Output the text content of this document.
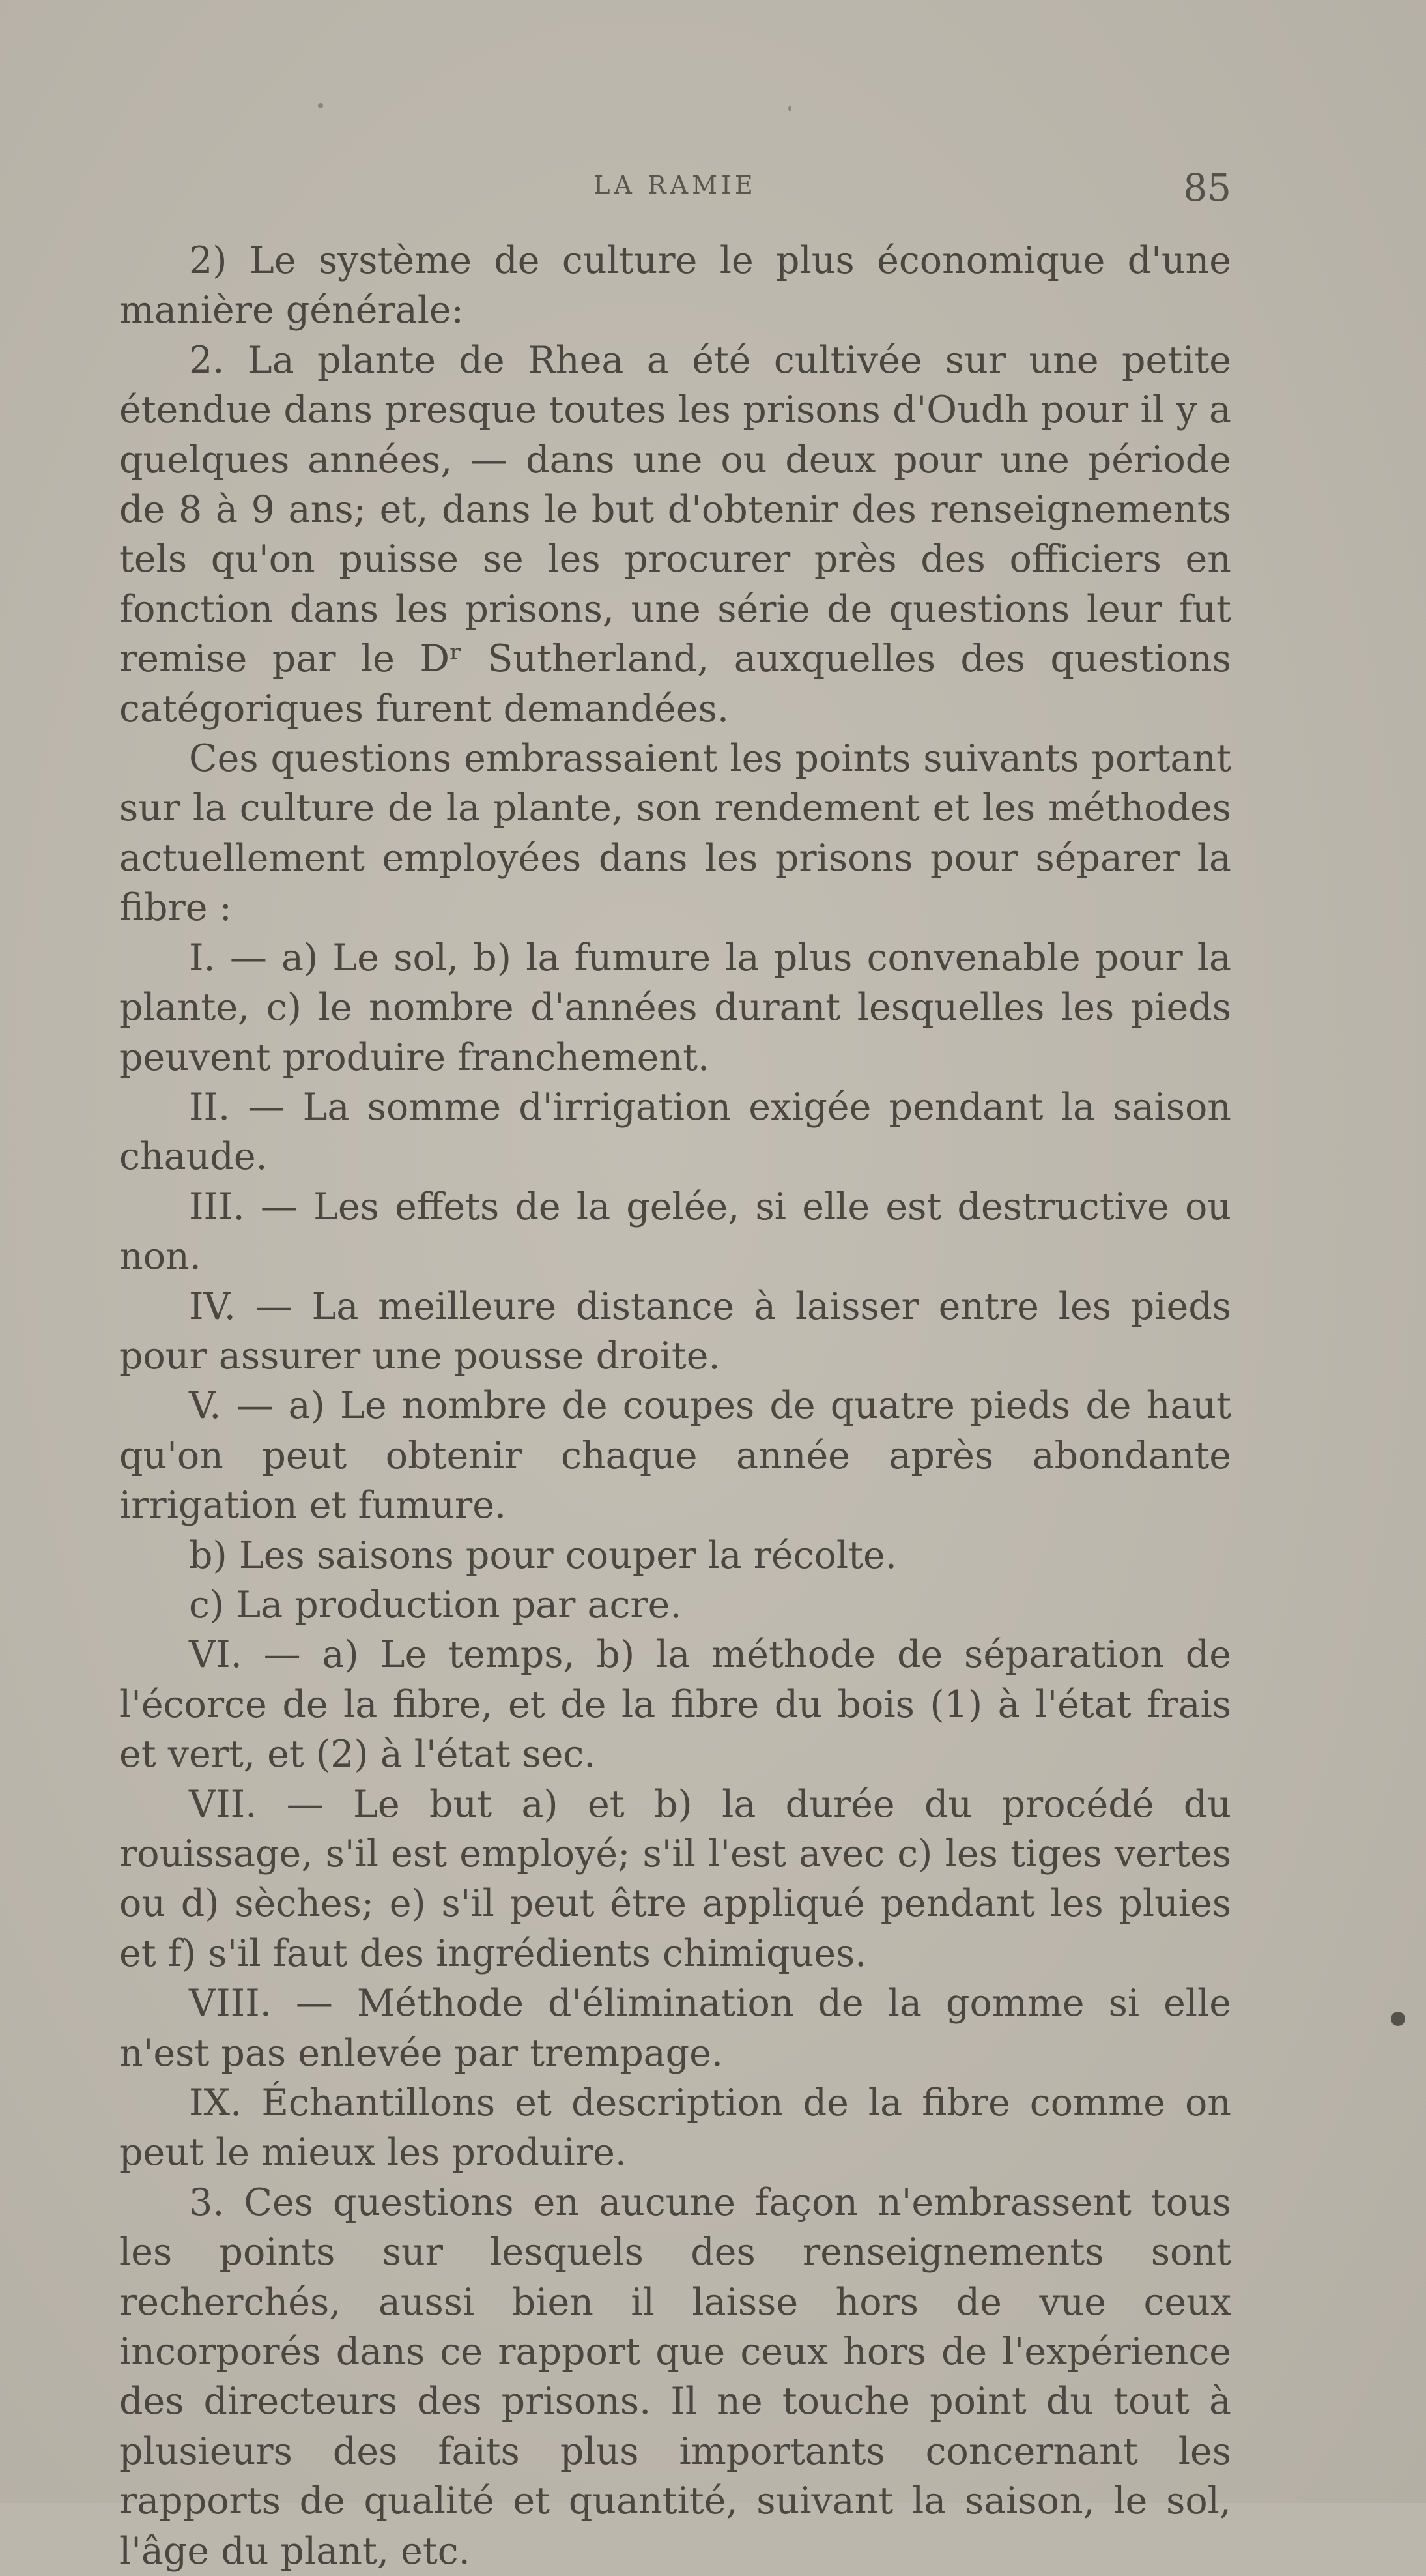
LA RAMIE	85

2) Le système de culture le plus économique d'une manière générale:

2. La plante de Rhea a été cultivée sur une petite étendue dans presque toutes les prisons d'Oudh pour il y a quelques années, — dans une ou deux pour une période de 8 à 9 ans; et, dans le but d'obtenir des renseignements tels qu'on puisse se les procurer près des officiers en fonction dans les prisons, une série de questions leur fut remise par le Dʳ Sutherland, auxquelles des questions catégoriques furent demandées.

Ces questions embrassaient les points suivants portant sur la culture de la plante, son rendement et les méthodes actuellement employées dans les prisons pour séparer la fibre :

I. — a) Le sol, b) la fumure la plus convenable pour la plante, c) le nombre d'années durant lesquelles les pieds peuvent produire franchement.

II. — La somme d'irrigation exigée pendant la saison chaude.

III. — Les effets de la gelée, si elle est destructive ou non.

IV. — La meilleure distance à laisser entre les pieds pour assurer une pousse droite.

V. — a) Le nombre de coupes de quatre pieds de haut qu'on peut obtenir chaque année après abondante irrigation et fumure.

b) Les saisons pour couper la récolte.

c) La production par acre.

VI. — a) Le temps, b) la méthode de séparation de l'écorce de la fibre, et de la fibre du bois (1) à l'état frais et vert, et (2) à l'état sec.

VII. — Le but a) et b) la durée du procédé du rouissage, s'il est employé; s'il l'est avec c) les tiges vertes ou d) sèches; e) s'il peut être appliqué pendant les pluies et f) s'il faut des ingrédients chimiques.

VIII. — Méthode d'élimination de la gomme si elle n'est pas enlevée par trempage.

IX. Échantillons et description de la fibre comme on peut le mieux les produire.

3. Ces questions en aucune façon n'embrassent tous les points sur lesquels des renseignements sont recherchés, aussi bien il laisse hors de vue ceux incorporés dans ce rapport que ceux hors de l'expérience des directeurs des prisons. Il ne touche point du tout à plusieurs des faits plus importants concernant les rapports de qualité et quantité, suivant la saison, le sol, l'âge du plant, etc.
